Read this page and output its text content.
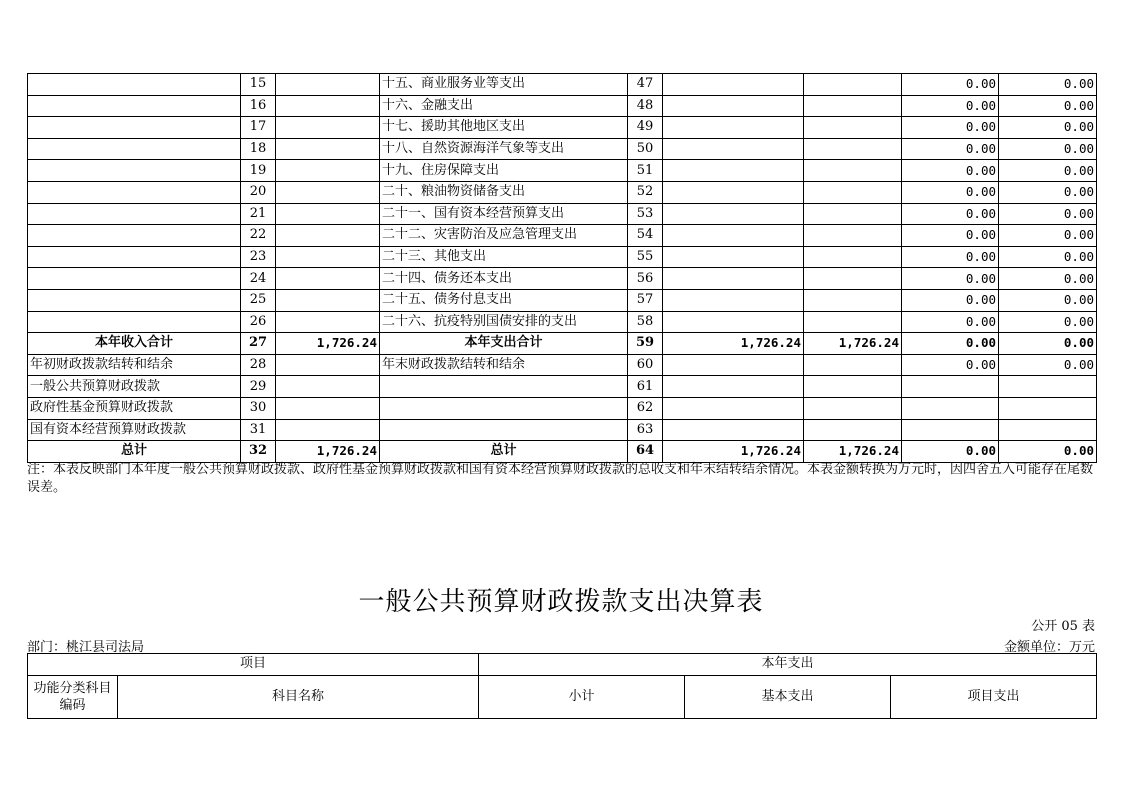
	15		十五、商业服务业等支出	47			0.00	0.00
	16		十六、金融支出	48			0.00	0.00
	17		十七、援助其他地区支出	49			0.00	0.00
	18		十八、自然资源海洋气象等支出	50			0.00	0.00
	19		十九、住房保障支出	51			0.00	0.00
	20		二十、粮油物资储备支出	52			0.00	0.00
	21		二十一、国有资本经营预算支出	53			0.00	0.00
	22		二十二、灾害防治及应急管理支出	54			0.00	0.00
	23		二十三、其他支出	55			0.00	0.00
	24		二十四、债务还本支出	56			0.00	0.00
	25		二十五、债务付息支出	57			0.00	0.00
	26		二十六、抗疫特别国债安排的支出	58			0.00	0.00
本年收入合计	27	1,726.24	本年支出合计	59	1,726.24	1,726.24	0.00	0.00
年初财政拨款结转和结余	28		年末财政拨款结转和结余	60			0.00	0.00
一般公共预算财政拨款	29			61				
政府性基金预算财政拨款	30			62				
国有资本经营预算财政拨款	31			63				
总计	32	1,726.24	总计	64	1,726.24	1,726.24	0.00	0.00
注：本表反映部门本年度一般公共预算财政拨款、政府性基金预算财政拨款和国有资本经营预算财政拨款的总收支和年末结转结余情况。本表金额转换为万元时，因四舍五入可能存在尾数误差。
一般公共预算财政拨款支出决算表
公开 05 表
部门：桃江县司法局	金额单位：万元
项目		本年支出		
功能分类科目编码	科目名称	小计	基本支出	项目支出
